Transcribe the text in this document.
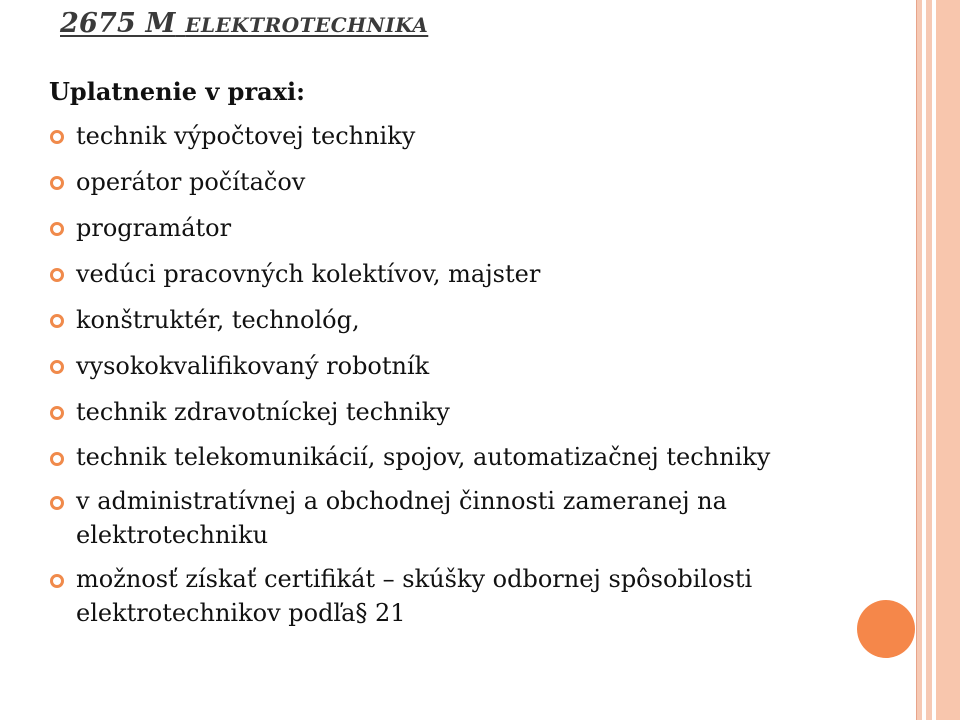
2675 M ELEKTROTECHNIKA
Uplatnenie v praxi:
technik výpočtovej techniky
operátor počítačov
programátor
vedúci pracovných kolektívov, majster
konštruktér, technológ,
vysokokvalifikovaný robotník
technik zdravotníckej techniky
technik telekomunikácií, spojov, automatizačnej techniky
v administratívnej a obchodnej činnosti zameranej na elektrotechniku
možnosť získať certifikát – skúšky odbornej spôsobilosti elektrotechnikov podľa§ 21
